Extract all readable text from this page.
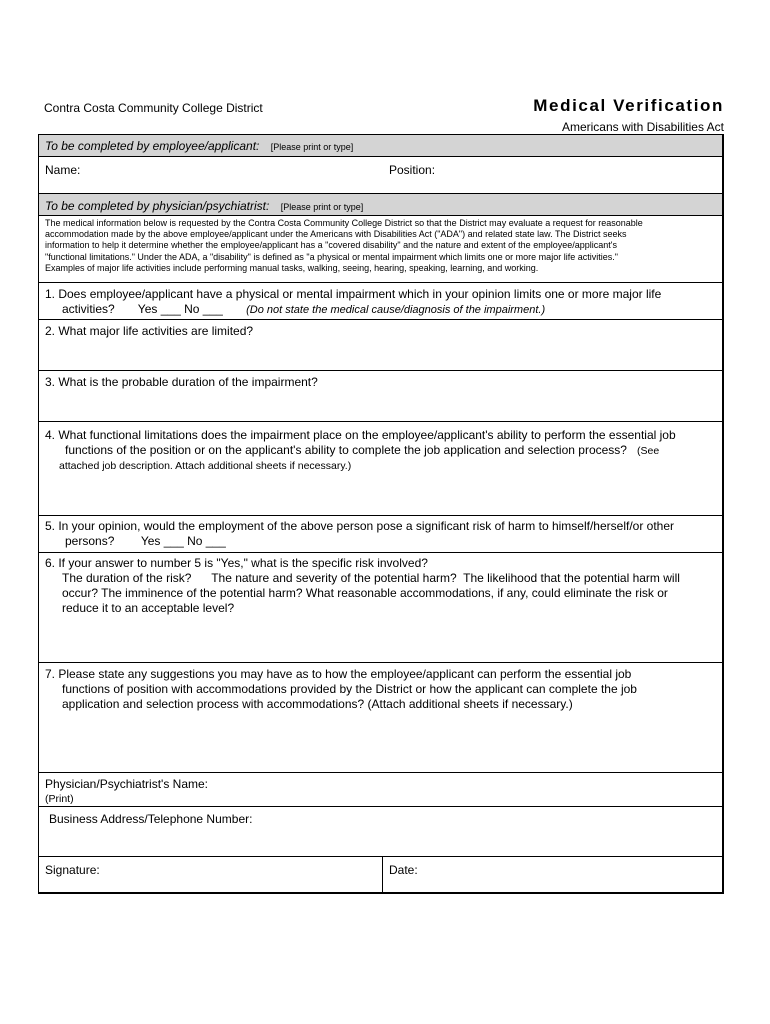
Contra Costa Community College District	Medical Verification
Americans with Disabilities Act
To be completed by employee/applicant: [Please print or type]
Name:	Position:
To be completed by physician/psychiatrist: [Please print or type]
The medical information below is requested by the Contra Costa Community College District so that the District may evaluate a request for reasonable
accommodation made by the above employee/applicant under the Americans with Disabilities Act ("ADA") and related state law. The District seeks
information to help it determine whether the employee/applicant has a "covered disability" and the nature and extent of the employee/applicant's
"functional limitations." Under the ADA, a "disability" is defined as "a physical or mental impairment which limits one or more major life activities."
Examples of major life activities include performing manual tasks, walking, seeing, hearing, speaking, learning, and working.
1. Does employee/applicant have a physical or mental impairment which in your opinion limits one or more major life
activities?       Yes ___ No ___ (Do not state the medical cause/diagnosis of the impairment.)
2. What major life activities are limited?
3. What is the probable duration of the impairment?
4. What functional limitations does the impairment place on the employee/applicant's ability to perform the essential job
functions of the position or on the applicant's ability to complete the job application and selection process? (See
attached job description. Attach additional sheets if necessary.)
5. In your opinion, would the employment of the above person pose a significant risk of harm to himself/herself/or other
persons?        Yes ___ No ___
6. If your answer to number 5 is "Yes," what is the specific risk involved?
The duration of the risk?      The nature and severity of the potential harm?  The likelihood that the potential harm will
occur? The imminence of the potential harm? What reasonable accommodations, if any, could eliminate the risk or
reduce it to an acceptable level?
7. Please state any suggestions you may have as to how the employee/applicant can perform the essential job
functions of position with accommodations provided by the District or how the applicant can complete the job
application and selection process with accommodations? (Attach additional sheets if necessary.)
Physician/Psychiatrist's Name:
(Print)
Business Address/Telephone Number:
Signature:	Date:
